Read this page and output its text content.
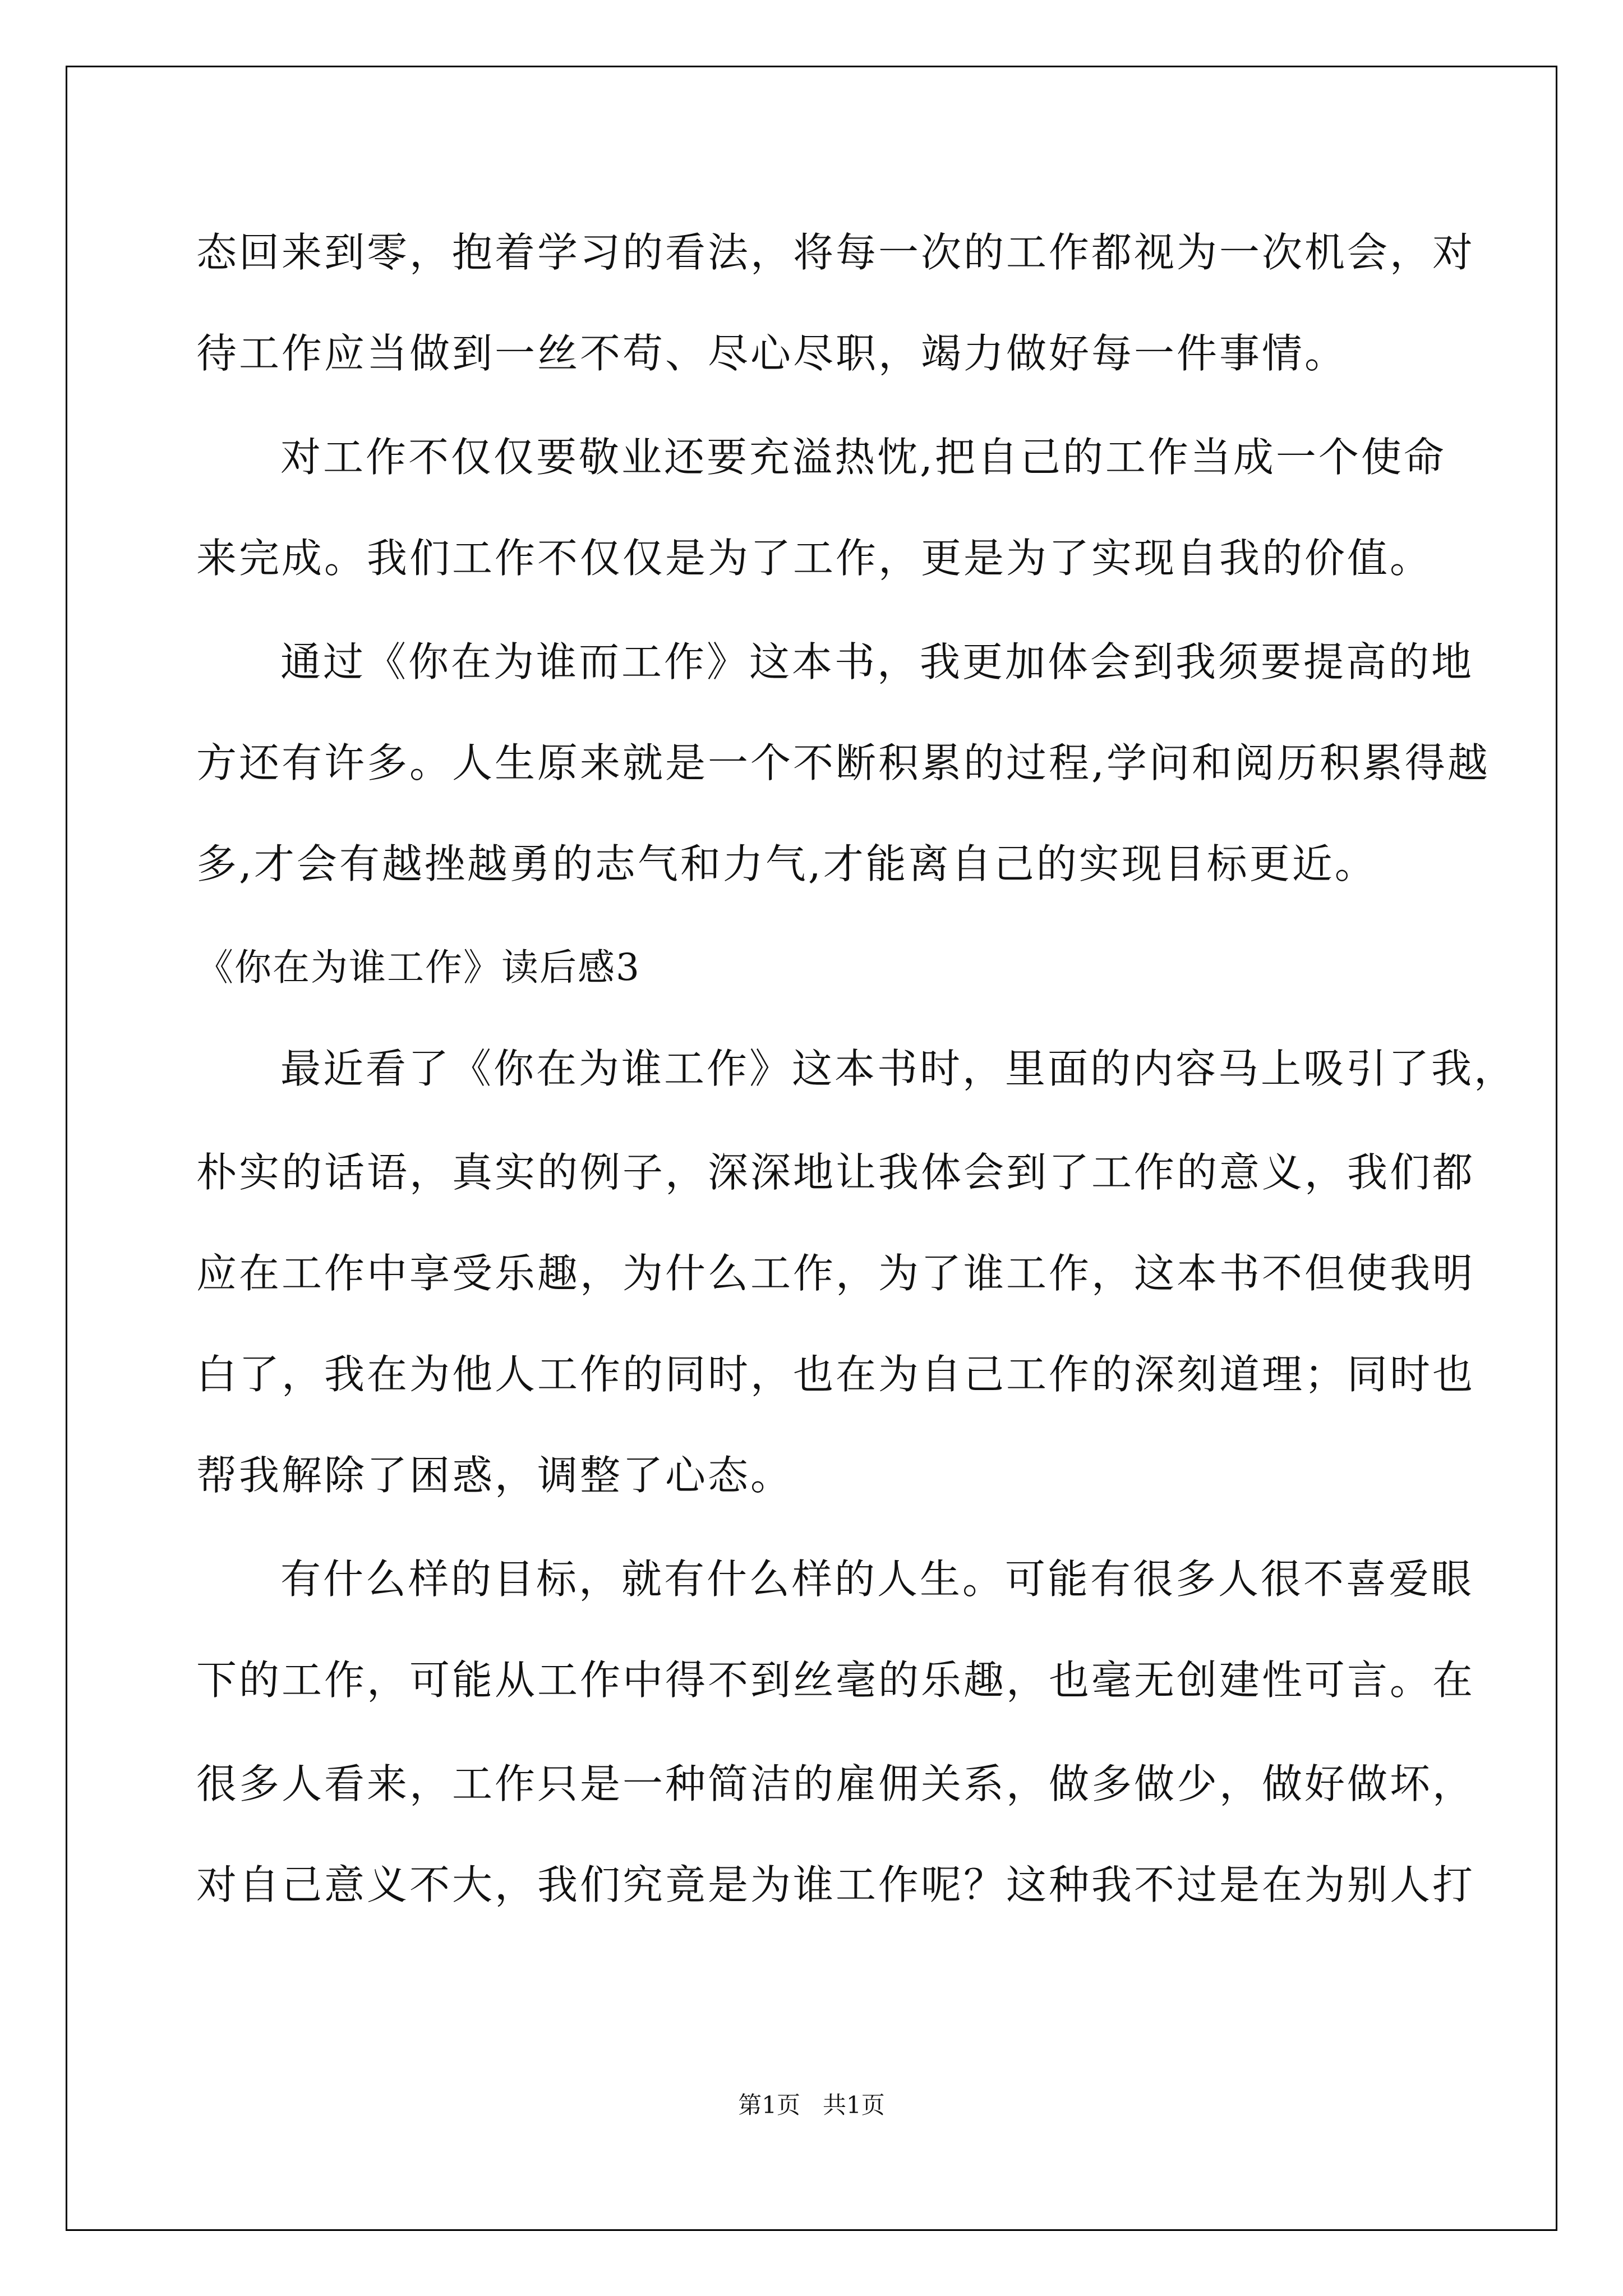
态回来到零，抱着学习的看法，将每一次的工作都视为一次机会，对
待工作应当做到一丝不苟、尽心尽职，竭力做好每一件事情。
对工作不仅仅要敬业还要充溢热忱,把自己的工作当成一个使命
来完成。我们工作不仅仅是为了工作，更是为了实现自我的价值。
通过《你在为谁而工作》这本书，我更加体会到我须要提高的地
方还有许多。人生原来就是一个不断积累的过程,学问和阅历积累得越
多,才会有越挫越勇的志气和力气,才能离自己的实现目标更近。
《你在为谁工作》读后感3
最近看了《你在为谁工作》这本书时，里面的内容马上吸引了我，
朴实的话语，真实的例子，深深地让我体会到了工作的意义，我们都
应在工作中享受乐趣，为什么工作，为了谁工作，这本书不但使我明
白了，我在为他人工作的同时，也在为自己工作的深刻道理；同时也
帮我解除了困惑，调整了心态。
有什么样的目标，就有什么样的人生。可能有很多人很不喜爱眼
下的工作，可能从工作中得不到丝毫的乐趣，也毫无创建性可言。在
很多人看来，工作只是一种简洁的雇佣关系，做多做少，做好做坏，
对自己意义不大，我们究竟是为谁工作呢？这种我不过是在为别人打
第1页 共1页
